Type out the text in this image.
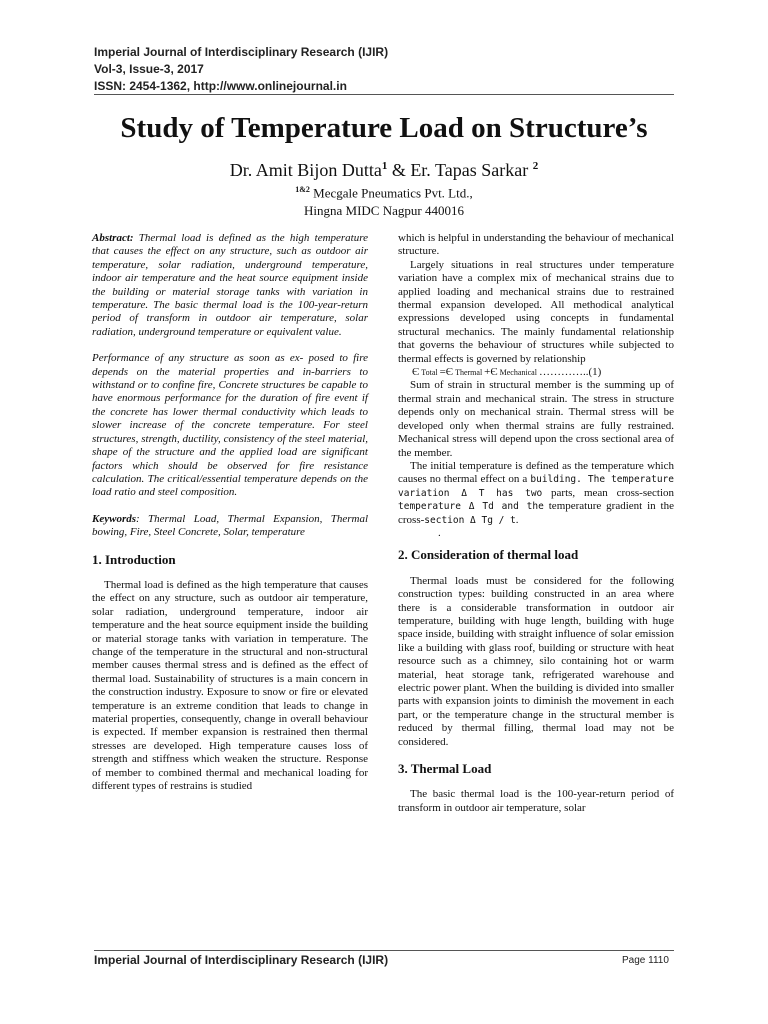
Imperial Journal of Interdisciplinary Research (IJIR)
Vol-3, Issue-3, 2017
ISSN: 2454-1362, http://www.onlinejournal.in
Study of Temperature Load on Structure’s
Dr. Amit Bijon Dutta$^1$ & Er. Tapas Sarkar $^2$
$^{1\&2}$ Mecgale Pneumatics Pvt. Ltd.,
Hingna MIDC Nagpur 440016

Abstract: Thermal load is defined as the high temperature that causes the effect on any structure, such as outdoor air temperature, solar radiation, underground temperature, indoor air temperature and the heat source equipment inside the building or material storage tanks with variation in temperature. The basic thermal load is the 100-year-return period of transform in outdoor air temperature, solar radiation, underground temperature or equivalent value.

Performance of any structure as soon as ex- posed to fire depends on the material properties and in-barriers to withstand or to confine fire, Concrete structures be capable to have enormous performance for the duration of fire event if the concrete has lower thermal conductivity which leads to slower increase of the concrete temperature. For steel structures, strength, ductility, consistency of the steel material, shape of the structure and the applied load are significant factors which should be observed for fire resistance calculation. The critical/essential temperature depends on the load ratio and steel composition.

Keywords: Thermal Load, Thermal Expansion, Thermal bowing, Fire, Steel Concrete, Solar, temperature

1. Introduction

Thermal load is defined as the high temperature that causes the effect on any structure, such as outdoor air temperature, solar radiation, underground temperature, indoor air temperature and the heat source equipment inside the building or material storage tanks with variation in temperature. The change of the temperature in the structural and non-structural member causes thermal stress and is defined as the effect of thermal load. Sustainability of structures is a main concern in the construction industry. Exposure to snow or fire or elevated temperature is an extreme condition that leads to change in material properties, consequently, change in overall behaviour is expected. If member expansion is restrained then thermal stresses are developed. High temperature causes loss of strength and stiffness which weaken the structure. Response of member to combined thermal and mechanical loading for different types of restrains is studied

which is helpful in understanding the behaviour of mechanical structure.

Largely situations in real structures under temperature variation have a complex mix of mechanical strains due to applied loading and mechanical strains due to restrained thermal expansion developed. All methodical analytical expressions developed using concepts in fundamental structural mechanics. The mainly fundamental relationship that governs the behaviour of structures while subjected to thermal effects is governed by relationship

Є Total =Є Thermal +Є Mechanical …………..(1)

Sum of strain in structural member is the summing up of thermal strain and mechanical strain. The stress in structure depends only on mechanical strain. Thermal stress will be developed only when thermal strains are fully restrained. Mechanical stress will depend upon the cross sectional area of the member.

The initial temperature is defined as the temperature which causes no thermal effect on a building. The temperature variation Δ T has two parts, mean cross-section temperature Δ Td and the temperature gradient in the cross-section Δ Tg / t.

.

2. Consideration of thermal load

Thermal loads must be considered for the following construction types: building constructed in an area where there is a considerable transformation in outdoor air temperature, building with huge length, building with huge space inside, building with straight influence of solar emission like a building with glass roof, building or structure with heat resource such as a chimney, silo containing hot or warm material, heat storage tank, refrigerated warehouse and electric power plant. When the building is divided into smaller parts with expansion joints to diminish the movement in each part, or the temperature change in the structural member is reduced by thermal filling, thermal load may not be considered.

3. Thermal Load

The basic thermal load is the 100-year-return period of transform in outdoor air temperature, solar

Imperial Journal of Interdisciplinary Research (IJIR)	Page 1110
